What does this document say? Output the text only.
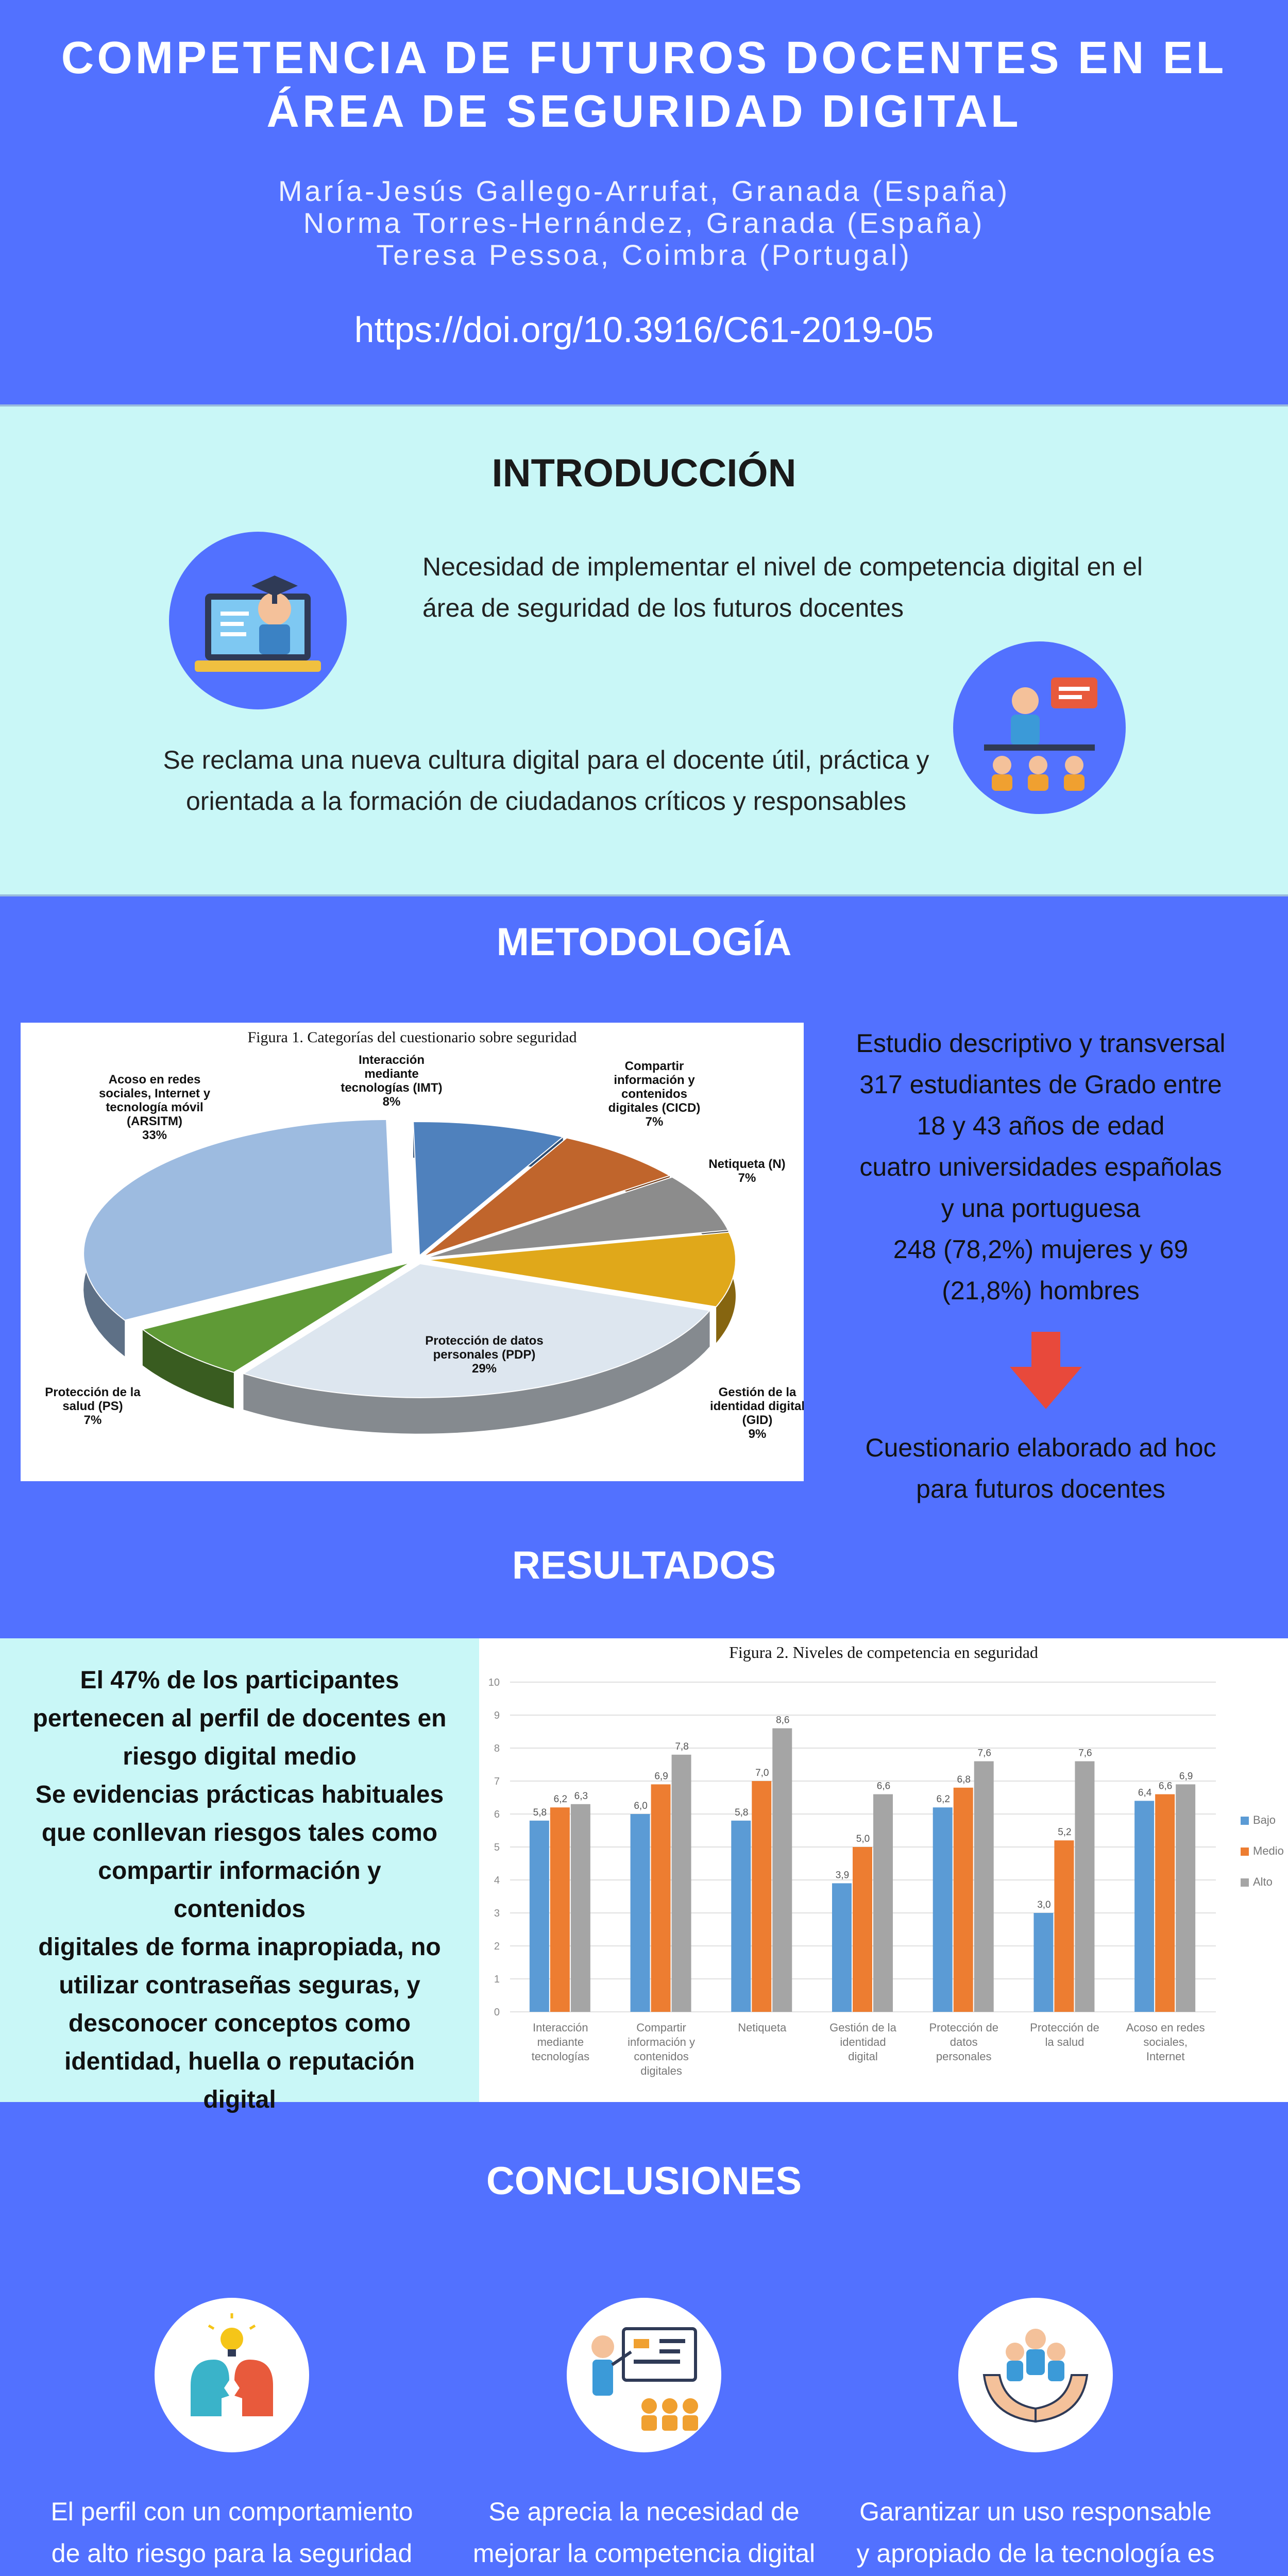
COMPETENCIA DE FUTUROS DOCENTES EN EL
ÁREA DE SEGURIDAD DIGITAL
María-Jesús Gallego-Arrufat, Granada (España)
Norma Torres-Hernández, Granada (España)
Teresa Pessoa, Coimbra (Portugal)
https://doi.org/10.3916/C61-2019-05
INTRODUCCIÓN
Necesidad de implementar el nivel de competencia digital en el área de seguridad de los futuros docentes
Se reclama una nueva cultura digital para el docente útil, práctica y orientada a la formación de ciudadanos críticos y responsables
METODOLOGÍA
Figura 1. Categorías del cuestionario sobre seguridad
Interacción mediante tecnologías (IMT) 8%
Compartir información y contenidos digitales (CICD) 7%
Netiqueta (N) 7%
Gestión de la identidad digital (GID) 9%
Protección de datos personales (PDP) 29%
Protección de la salud (PS) 7%
Acoso en redes sociales, Internet y tecnología móvil (ARSITM) 33%
Estudio descriptivo y transversal
317 estudiantes de Grado entre
18 y 43 años de edad
cuatro universidades españolas
y una portuguesa
248 (78,2%) mujeres y 69
(21,8%) hombres
Cuestionario elaborado ad hoc
para futuros docentes
RESULTADOS
El 47% de los participantes
pertenecen al perfil de docentes en
riesgo digital medio
Se evidencias prácticas habituales
que conllevan riesgos tales como
compartir información y contenidos
digitales de forma inapropiada, no
utilizar contraseñas seguras, y
desconocer conceptos como
identidad, huella o reputación
digital
Figura 2. Niveles de competencia en seguridad
0
1
2
3
4
5
6
7
8
9
10
5,8
6,2 6,3
Interacción mediante tecnologías
6,0
6,9
7,8
Compartir información y contenidos digitales
5,8
7,0
8,6
Netiqueta
3,9
5,0
6,6
Gestión de la identidad digital
6,2
6,8
7,6
Protección de datos personales
3,0
5,2
7,6
Protección de la salud
6,4
6,6
6,9
Acoso en redes sociales, Internet
Bajo
Medio
Alto
CONCLUSIONES
El perfil con un comportamiento de alto riesgo para la seguridad
Se aprecia la necesidad de mejorar la competencia digital
Garantizar un uso responsable y apropiado de la tecnología es
